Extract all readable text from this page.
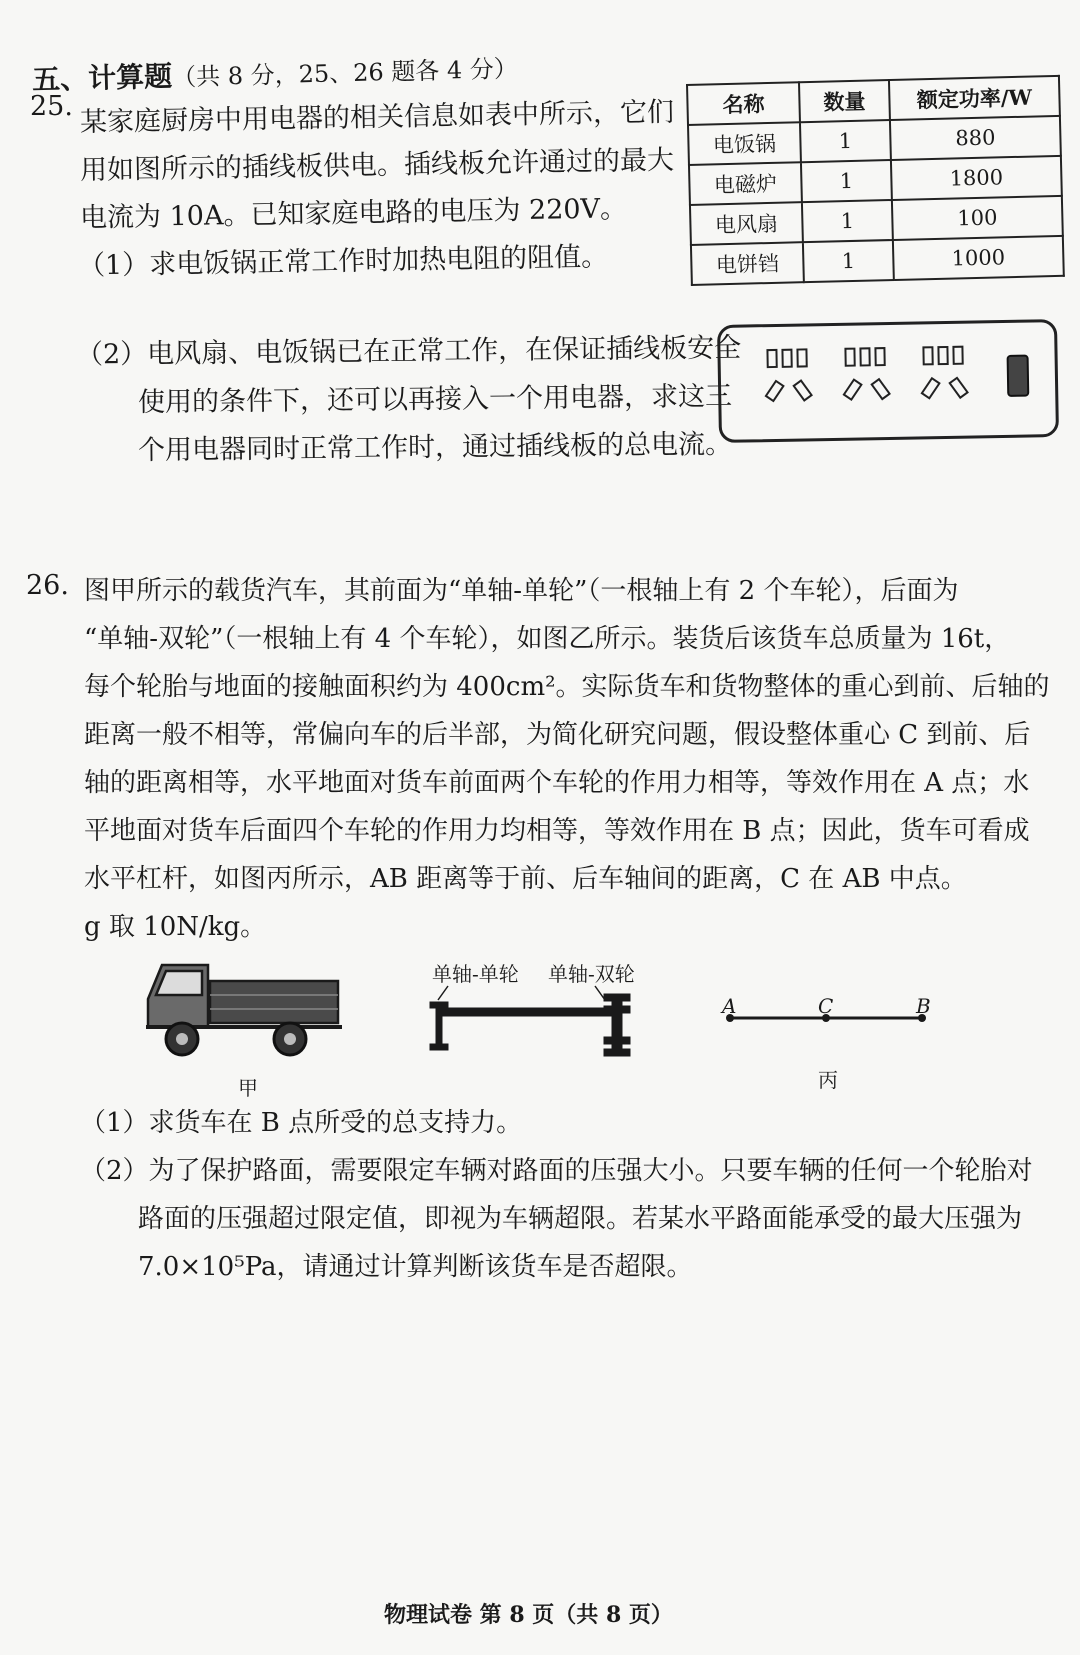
五、计算题（共 8 分，25、26 题各 4 分）
25. 某家庭厨房中用电器的相关信息如表中所示，它们
用如图所示的插线板供电。插线板允许通过的最大
电流为 10A。已知家庭电路的电压为 220V。
（1）求电饭锅正常工作时加热电阻的阻值。
（2）电风扇、电饭锅已在正常工作，在保证插线板安全
使用的条件下，还可以再接入一个用电器，求这三
个用电器同时正常工作时，通过插线板的总电流。
名称	数量	额定功率/W
电饭锅	1	880
电磁炉	1	1800
电风扇	1	100
电饼铛	1	1000
26. 图甲所示的载货汽车，其前面为“单轴-单轮”（一根轴上有 2 个车轮），后面为
“单轴-双轮”（一根轴上有 4 个车轮），如图乙所示。装货后该货车总质量为 16t，
每个轮胎与地面的接触面积约为 400cm²。实际货车和货物整体的重心到前、后轴的
距离一般不相等，常偏向车的后半部，为简化研究问题，假设整体重心 C 到前、后
轴的距离相等，水平地面对货车前面两个车轮的作用力相等，等效作用在 A 点；水
平地面对货车后面四个车轮的作用力均相等，等效作用在 B 点；因此，货车可看成
水平杠杆，如图丙所示，AB 距离等于前、后车轴间的距离，C 在 AB 中点。
g 取 10N/kg。
甲
单轴-单轮 单轴-双轮
A	C	B
丙
（1）求货车在 B 点所受的总支持力。
（2）为了保护路面，需要限定车辆对路面的压强大小。只要车辆的任何一个轮胎对
路面的压强超过限定值，即视为车辆超限。若某水平路面能承受的最大压强为
7.0×10⁵Pa，请通过计算判断该货车是否超限。
物理试卷 第 8 页（共 8 页）
